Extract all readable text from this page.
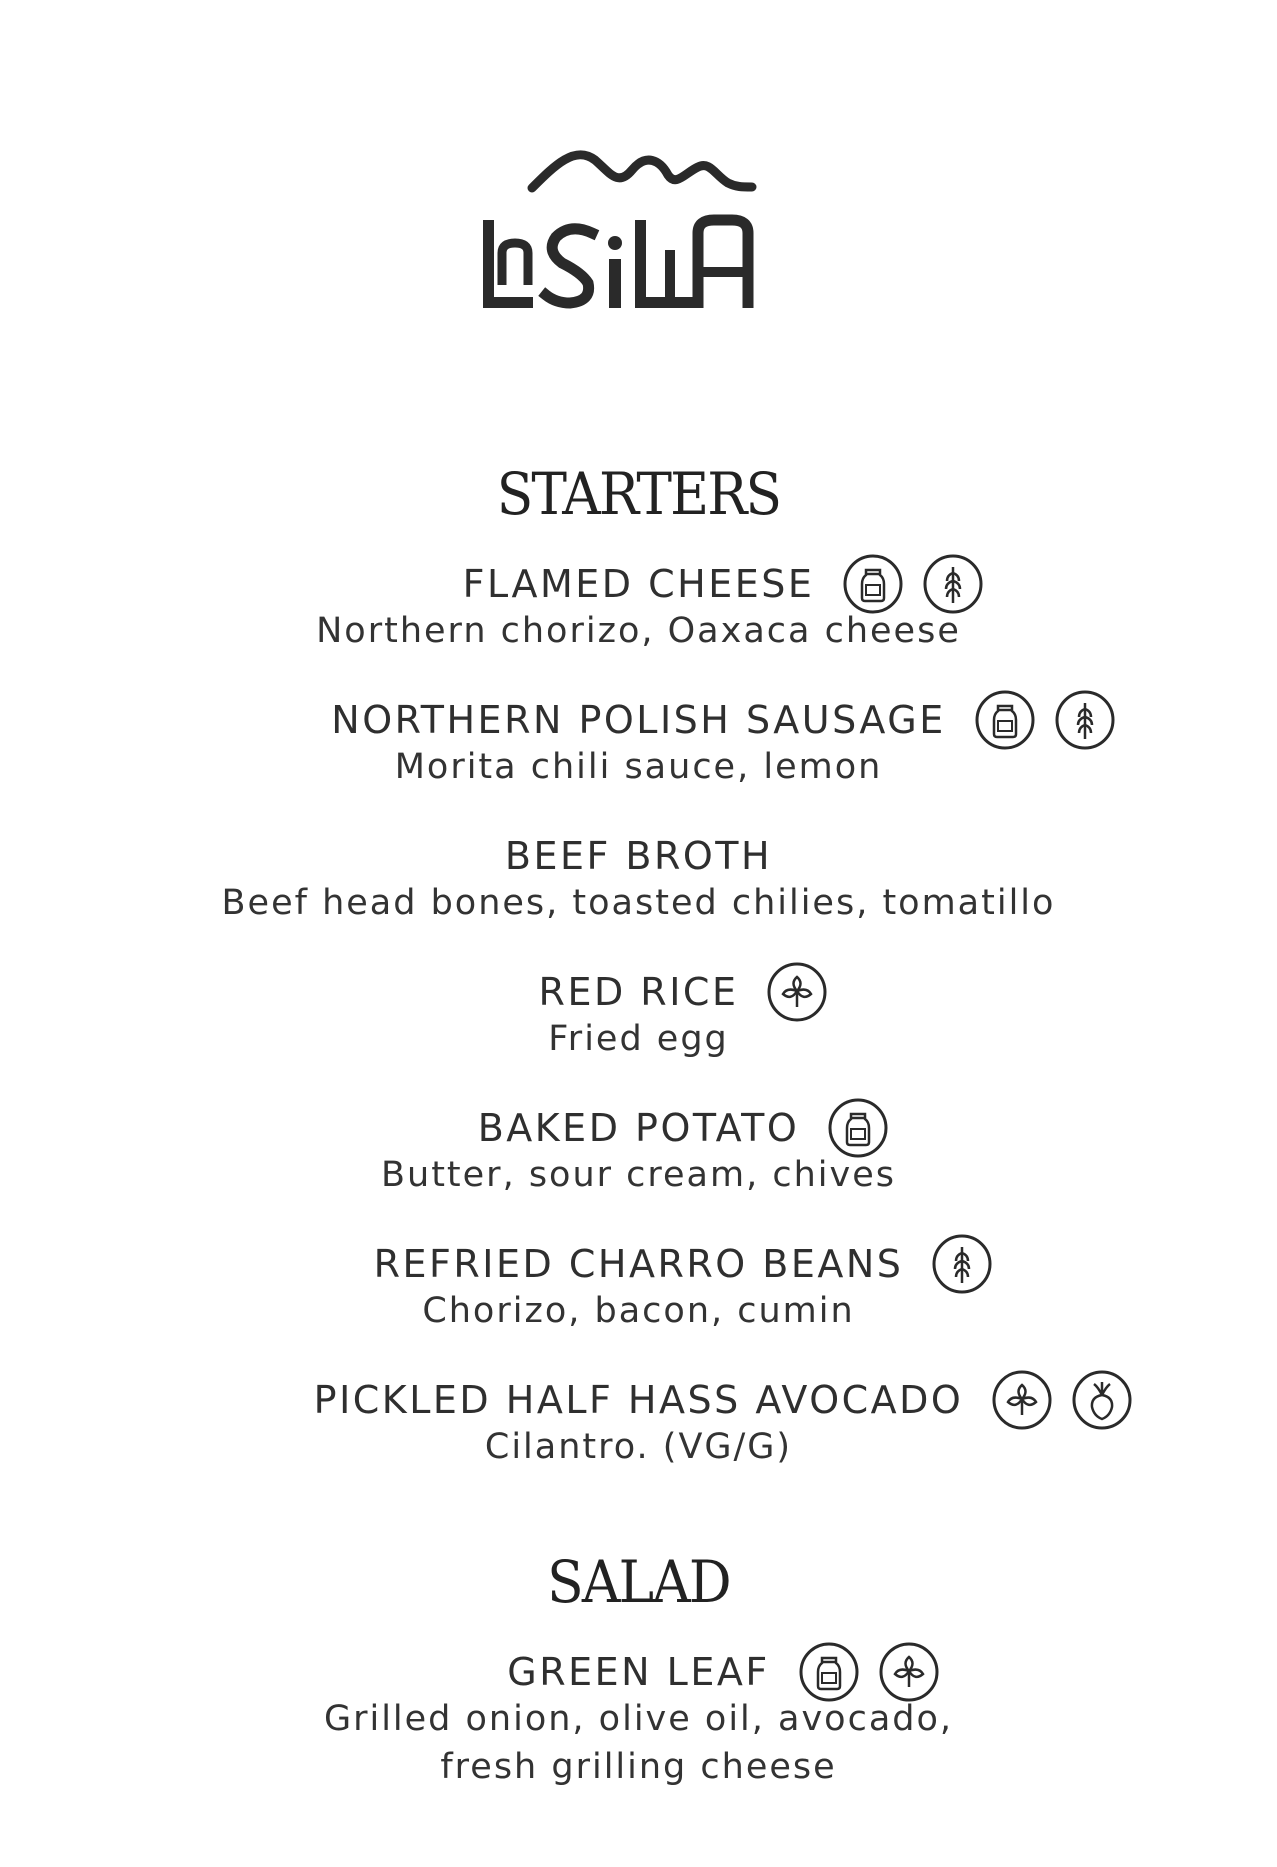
STARTERS
FLAMED CHEESE
Northern chorizo, Oaxaca cheese
NORTHERN POLISH SAUSAGE
Morita chili sauce, lemon
BEEF BROTH
Beef head bones, toasted chilies, tomatillo
RED RICE
Fried egg
BAKED POTATO
Butter, sour cream, chives
REFRIED CHARRO BEANS
Chorizo, bacon, cumin
PICKLED HALF HASS AVOCADO
Cilantro. (VG/G)
SALAD
GREEN LEAF
Grilled onion, olive oil, avocado,
fresh grilling cheese
